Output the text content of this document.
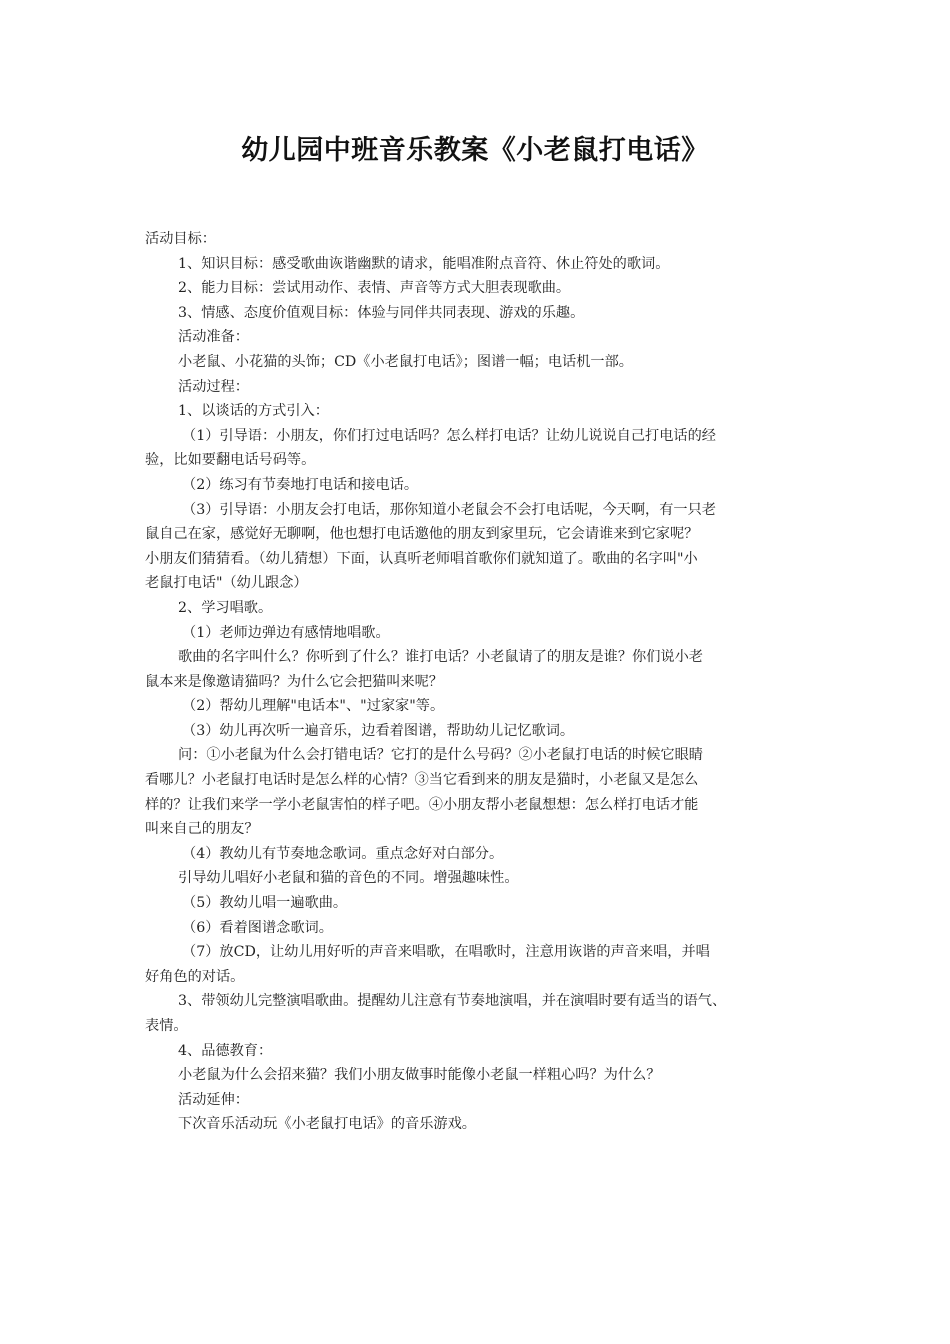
幼儿园中班音乐教案《小老鼠打电话》
活动目标：
1、知识目标：感受歌曲诙谐幽默的请求，能唱准附点音符、休止符处的歌词。
2、能力目标：尝试用动作、表情、声音等方式大胆表现歌曲。
3、情感、态度价值观目标：体验与同伴共同表现、游戏的乐趣。
活动准备：
小老鼠、小花猫的头饰；CD《小老鼠打电话》；图谱一幅；电话机一部。
活动过程：
1、以谈话的方式引入：
（1）引导语：小朋友，你们打过电话吗？怎么样打电话？让幼儿说说自己打电话的经
验，比如要翻电话号码等。
（2）练习有节奏地打电话和接电话。
（3）引导语：小朋友会打电话，那你知道小老鼠会不会打电话呢，今天啊，有一只老
鼠自己在家，感觉好无聊啊，他也想打电话邀他的朋友到家里玩，它会请谁来到它家呢？
小朋友们猜猜看。（幼儿猜想）下面，认真听老师唱首歌你们就知道了。歌曲的名字叫"小
老鼠打电话"（幼儿跟念）
2、学习唱歌。
（1）老师边弹边有感情地唱歌。
歌曲的名字叫什么？你听到了什么？谁打电话？小老鼠请了的朋友是谁？你们说小老
鼠本来是像邀请猫吗？为什么它会把猫叫来呢？
（2）帮幼儿理解"电话本"、"过家家"等。
（3）幼儿再次听一遍音乐，边看着图谱，帮助幼儿记忆歌词。
问：①小老鼠为什么会打错电话？它打的是什么号码？②小老鼠打电话的时候它眼睛
看哪儿？小老鼠打电话时是怎么样的心情？③当它看到来的朋友是猫时，小老鼠又是怎么
样的？让我们来学一学小老鼠害怕的样子吧。④小朋友帮小老鼠想想：怎么样打电话才能
叫来自己的朋友？
（4）教幼儿有节奏地念歌词。重点念好对白部分。
引导幼儿唱好小老鼠和猫的音色的不同。增强趣味性。
（5）教幼儿唱一遍歌曲。
（6）看着图谱念歌词。
（7）放CD，让幼儿用好听的声音来唱歌，在唱歌时，注意用诙谐的声音来唱，并唱
好角色的对话。
3、带领幼儿完整演唱歌曲。提醒幼儿注意有节奏地演唱，并在演唱时要有适当的语气、
表情。
4、品德教育：
小老鼠为什么会招来猫？我们小朋友做事时能像小老鼠一样粗心吗？为什么？
活动延伸：
下次音乐活动玩《小老鼠打电话》的音乐游戏。
